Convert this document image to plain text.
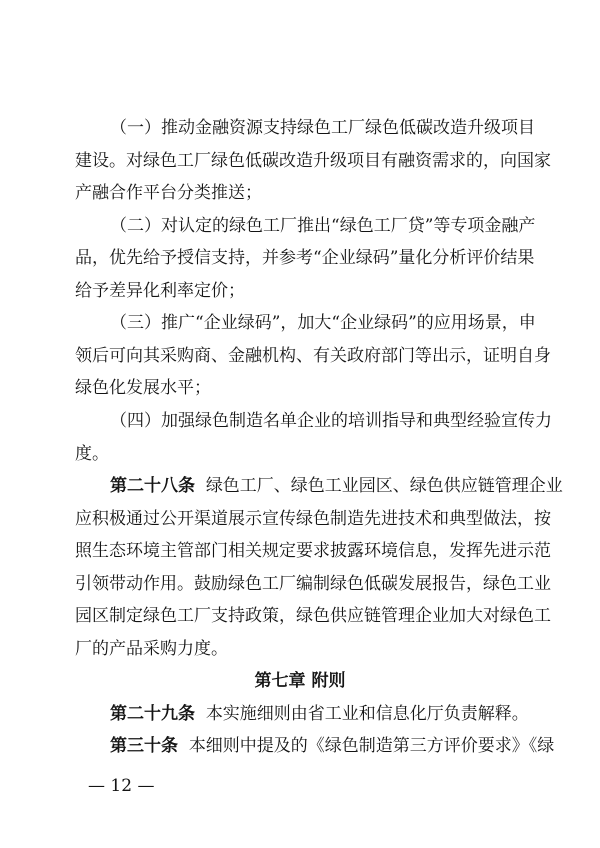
（一）推动金融资源支持绿色工厂绿色低碳改造升级项目
建设。对绿色工厂绿色低碳改造升级项目有融资需求的，向国家
产融合作平台分类推送；
（二）对认定的绿色工厂推出“绿色工厂贷”等专项金融产
品，优先给予授信支持，并参考“企业绿码”量化分析评价结果
给予差异化利率定价；
（三）推广“企业绿码”，加大“企业绿码”的应用场景，申
领后可向其采购商、金融机构、有关政府部门等出示，证明自身
绿色化发展水平；
（四）加强绿色制造名单企业的培训指导和典型经验宣传力
度。
第二十八条 绿色工厂、绿色工业园区、绿色供应链管理企业
应积极通过公开渠道展示宣传绿色制造先进技术和典型做法，按
照生态环境主管部门相关规定要求披露环境信息，发挥先进示范
引领带动作用。鼓励绿色工厂编制绿色低碳发展报告，绿色工业
园区制定绿色工厂支持政策，绿色供应链管理企业加大对绿色工
厂的产品采购力度。
第七章 附则
第二十九条 本实施细则由省工业和信息化厅负责解释。
第三十条 本细则中提及的《绿色制造第三方评价要求》《绿
— 12 —
